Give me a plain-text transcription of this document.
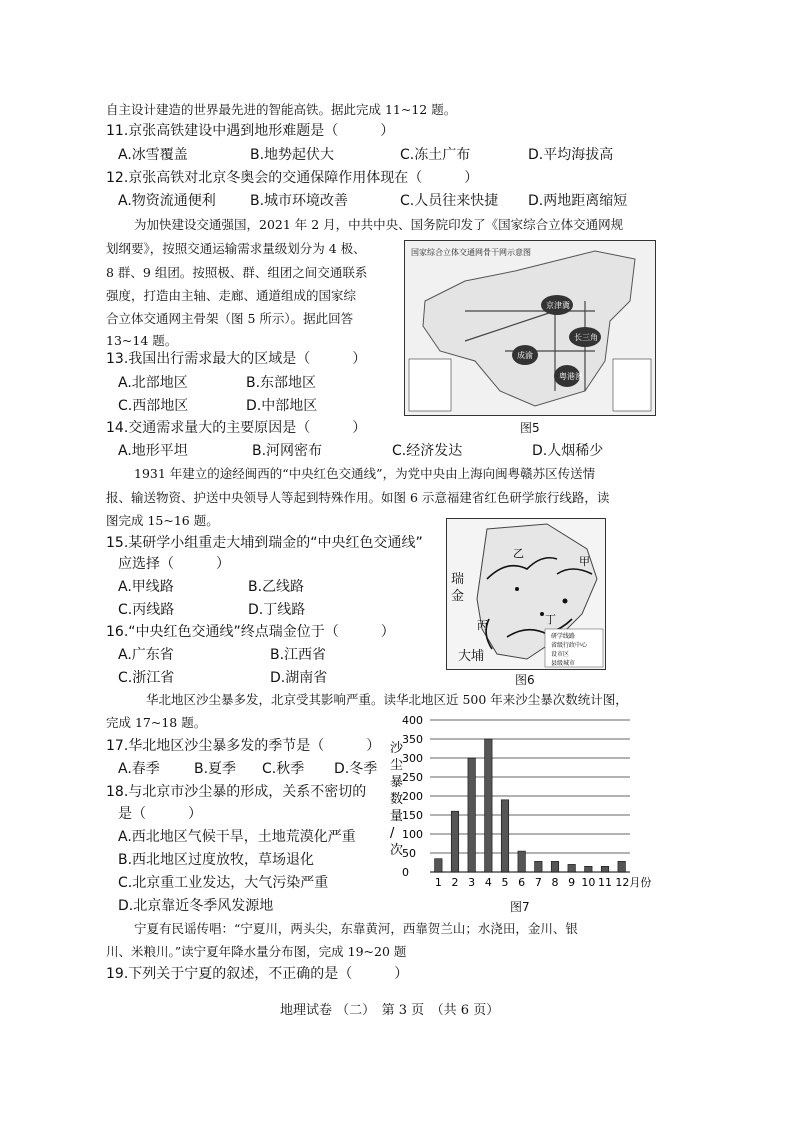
自主设计建造的世界最先进的智能高铁。据此完成 11~12 题。
11.京张高铁建设中遇到地形难题是（　　　）
A.冰雪覆盖	B.地势起伏大	C.冻土广布	D.平均海拔高
12.京张高铁对北京冬奥会的交通保障作用体现在（　　　）
A.物资流通便利 B.城市环境改善	C.人员往来快捷 D.两地距离缩短
为加快建设交通强国，2021 年 2 月，中共中央、国务院印发了《国家综合立体交通网规
划纲要》，按照交通运输需求量级划分为 4 极、
8 群、9 组团。按照极、群、组团之间交通联系
强度，打造由主轴、走廊、通道组成的国家综
合立体交通网主骨架（图 5 所示）。据此回答
13~14 题。
国家综合立体交通网骨干网示意图
京津冀
长三角
成渝
粤港澳
图5
13.我国出行需求最大的区域是（　　　）
A.北部地区	B.东部地区
C.西部地区	D.中部地区
14.交通需求量大的主要原因是（　　　）
A.地形平坦	B.河网密布	C.经济发达	D.人烟稀少
1931 年建立的途经闽西的“中央红色交通线”，为党中央由上海向闽粤赣苏区传送情
报、输送物资、护送中央领导人等起到特殊作用。如图 6 示意福建省红色研学旅行线路，读
图完成 15~16 题。
15.某研学小组重走大埔到瑞金的“中央红色交通线”
应选择（　　　）
A.甲线路	B.乙线路
C.丙线路	D.丁线路
乙
甲
丙	丁
研学线路
省级行政中心
设市区
县级城市
瑞
金
大埔
图6
16.“中央红色交通线”终点瑞金位于（　　　）
A.广东省	B.江西省
C.浙江省	D.湖南省
华北地区沙尘暴多发，北京受其影响严重。读华北地区近 500 年来沙尘暴次数统计图，
完成 17~18 题。
17.华北地区沙尘暴多发的季节是（　　　）
A.春季 B.夏季 C.秋季 D.冬季
18.与北京市沙尘暴的形成，关系不密切的
是（　　　）
A.西北地区气候干旱，土地荒漠化严重
B.西北地区过度放牧，草场退化
C.北京重工业发达，大气污染严重
D.北京靠近冬季风发源地
0
50
100
150
200
250
300
350
400
1 2 3 4 5 6 7 8 9 10 11 12月份
沙
尘
暴
数
量
/
次
图7
宁夏有民谣传唱：“宁夏川，两头尖，东靠黄河，西靠贺兰山；水浇田，金川、银
川、米粮川。”读宁夏年降水量分布图，完成 19~20 题
19.下列关于宁夏的叙述，不正确的是（　　　）
地理试卷 （二）　第 3 页　（共 6 页）
